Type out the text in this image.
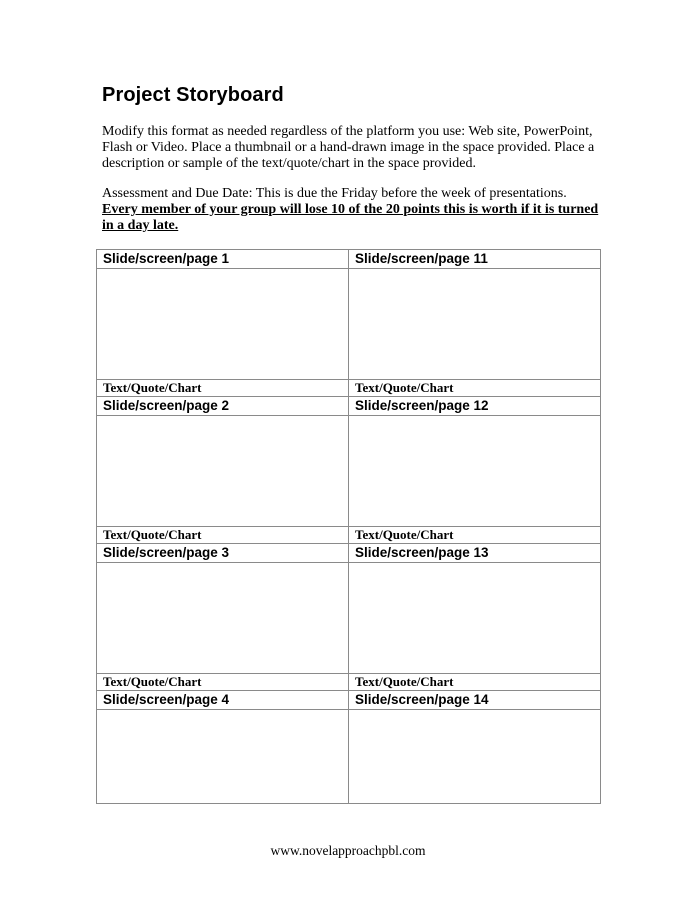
Project Storyboard
Modify this format as needed regardless of the platform you use: Web site, PowerPoint, Flash or Video. Place a thumbnail or a hand-drawn image in the space provided. Place a description or sample of the text/quote/chart in the space provided.
Assessment and Due Date: This is due the Friday before the week of presentations. Every member of your group will lose 10 of the 20 points this is worth if it is turned in a day late.
Slide/screen/page 1	Slide/screen/page 11

Text/Quote/Chart	Text/Quote/Chart
Slide/screen/page 2	Slide/screen/page 12

Text/Quote/Chart	Text/Quote/Chart
Slide/screen/page 3	Slide/screen/page 13

Text/Quote/Chart	Text/Quote/Chart
Slide/screen/page 4	Slide/screen/page 14

www.novelapproachpbl.com
